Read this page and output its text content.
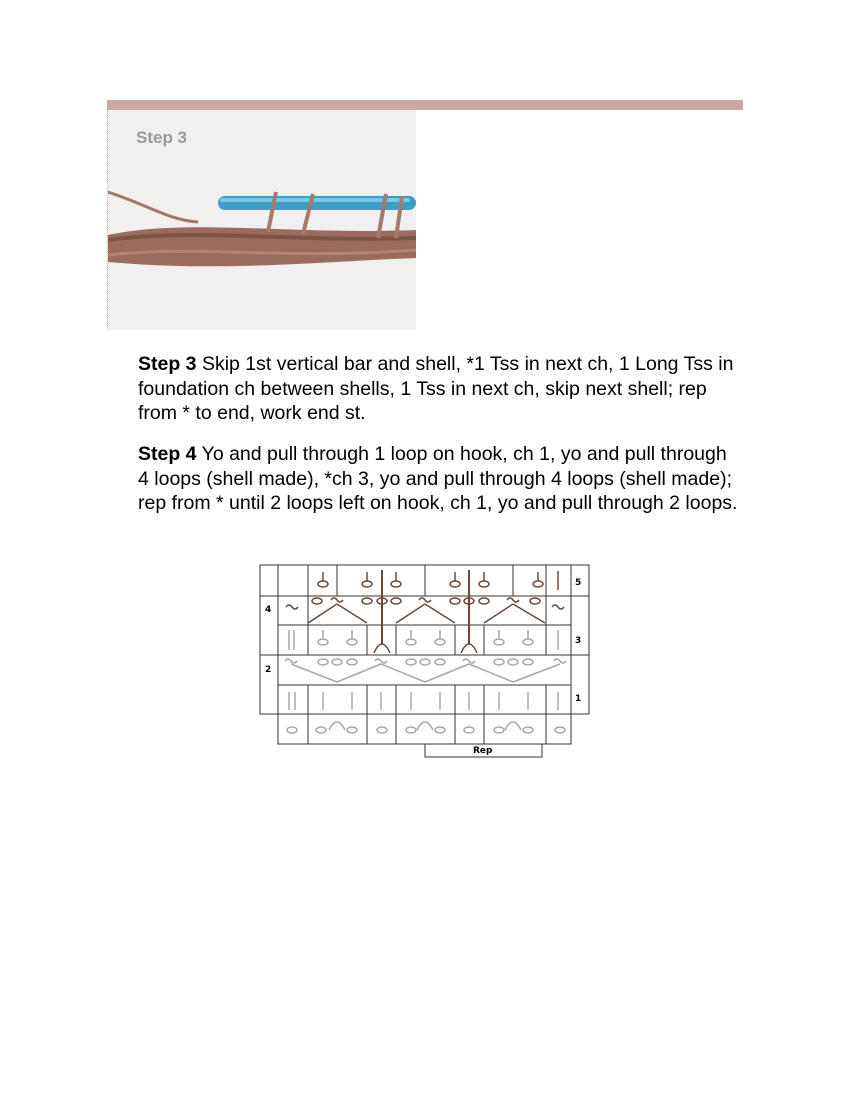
Step 3

Step 3 Skip 1st vertical bar and shell, *1 Tss in next ch, 1 Long Tss in foundation ch between shells, 1 Tss in next ch, skip next shell; rep from * to end, work end st.

Step 4 Yo and pull through 1 loop on hook, ch 1, yo and pull through 4 loops (shell made), *ch 3, yo and pull through 4 loops (shell made); rep from * until 2 loops left on hook, ch 1, yo and pull through 2 loops.

5
4
3
2
1
Rep
